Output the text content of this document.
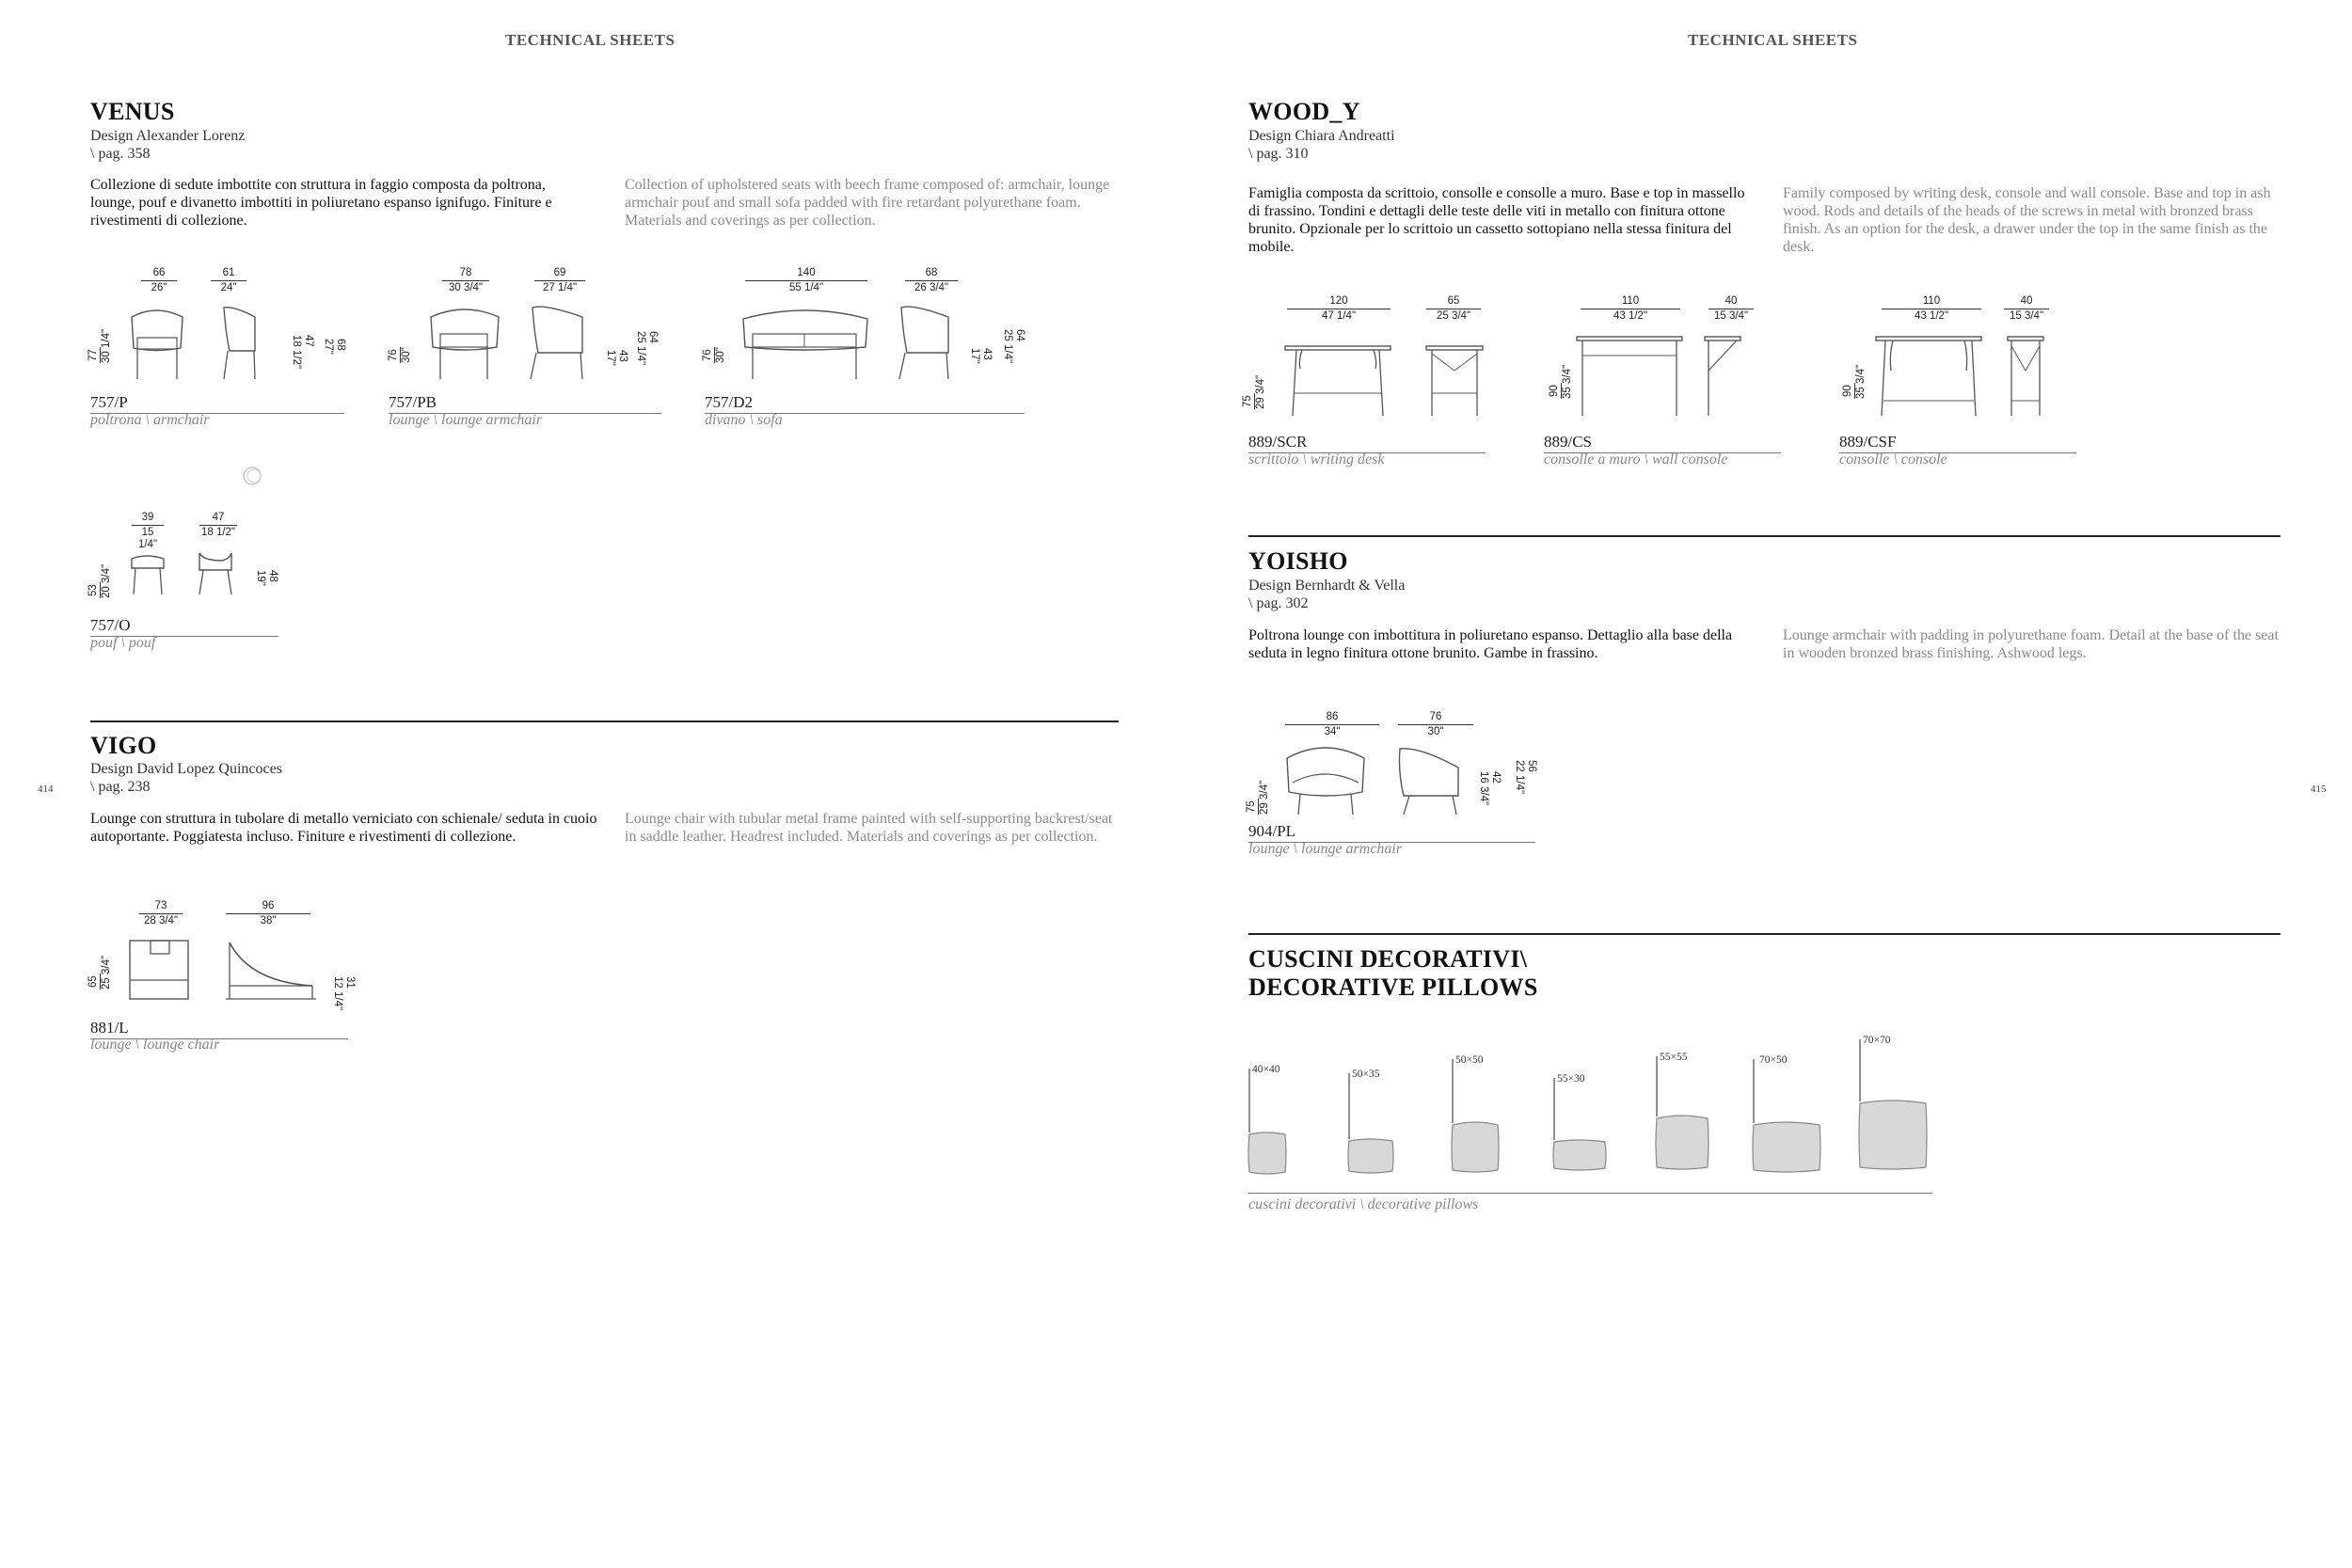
TECHNICAL SHEETS	TECHNICAL SHEETS
414	415
VENUS
Design Alexander Lorenz
\ pag. 358
Collezione di sedute imbottite con struttura in faggio composta da poltrona, lounge, pouf e divanetto imbottiti in poliuretano espanso ignifugo. Finiture e rivestimenti di collezione.
Collection of upholstered seats with beech frame composed of: armchair, lounge armchair pouf and small sofa padded with fire retardant polyurethane foam. Materials and coverings as per collection.
66
26"
61
24"
77 30 1/4"	47
18 1/2"	68
27"
757/P
poltrona \ armchair
78
30 3/4"
69
27 1/4"
76 30"	43
17"
64
25 1/4"
757/PB
lounge \ lounge armchair
140
55 1/4"
68
26 3/4"
76 30"	43
17"
64
25 1/4"
757/D2
divano \ sofa
39
15 1/4"
47
18 1/2"
53 20 3/4"	48
19"
757/O
pouf \ pouf
VIGO
Design David Lopez Quincoces
\ pag. 238
Lounge con struttura in tubolare di metallo verniciato con schienale/ seduta in cuoio autoportante. Poggiatesta incluso. Finiture e rivestimenti di collezione.
Lounge chair with tubular metal frame painted with self-supporting backrest/seat in saddle leather. Headrest included. Materials and coverings as per collection.
73
28 3/4"
96
38"
65 25 3/4"	31
12 1/4"
881/L
lounge \ lounge chair
WOOD_Y
Design Chiara Andreatti
\ pag. 310
Famiglia composta da scrittoio, consolle e consolle a muro. Base e top in massello di frassino. Tondini e dettagli delle teste delle viti in metallo con finitura ottone brunito. Opzionale per lo scrittoio un cassetto sottopiano nella stessa finitura del mobile.
Family composed by writing desk, console and wall console. Base and top in ash wood. Rods and details of the heads of the screws in metal with bronzed brass finish. As an option for the desk, a drawer under the top in the same finish as the desk.
120
47 1/4"
65
25 3/4"
75 29 3/4"
889/SCR
scrittoio \ writing desk
110
43 1/2"
40
15 3/4"
90 35 3/4"
889/CS
consolle a muro \ wall console
110
43 1/2"
40
15 3/4"
90 35 3/4"
889/CSF
consolle \ console
YOISHO
Design Bernhardt & Vella
\ pag. 302
Poltrona lounge con imbottitura in poliuretano espanso. Dettaglio alla base della seduta in legno finitura ottone brunito. Gambe in frassino.
Lounge armchair with padding in polyurethane foam. Detail at the base of the seat in wooden bronzed brass finishing. Ashwood legs.
86
34"
76
30"
75 29 3/4"
42
16 3/4"
56
22 1/4"
904/PL
lounge \ lounge armchair
CUSCINI DECORATIVI\
DECORATIVE PILLOWS
40×40	50×35
50×50
55×30
55×55	70×50
70×70
cuscini decorativi \ decorative pillows
